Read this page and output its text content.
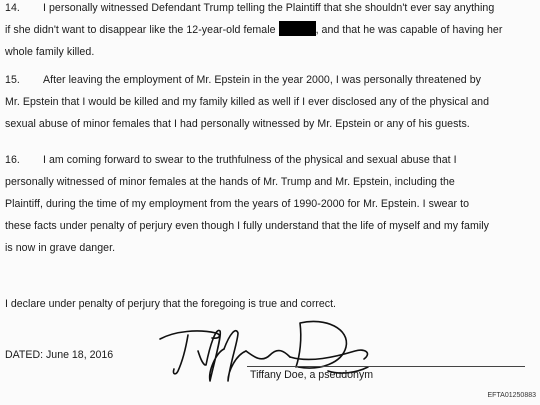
14. I personally witnessed Defendant Trump telling the Plaintiff that she shouldn't ever say anything
if she didn't want to disappear like the 12-year-old female	, and that he was capable of having her
whole family killed.
15. After leaving the employment of Mr. Epstein in the year 2000, I was personally threatened by
Mr. Epstein that I would be killed and my family killed as well if I ever disclosed any of the physical and
sexual abuse of minor females that I had personally witnessed by Mr. Epstein or any of his guests.
16. I am coming forward to swear to the truthfulness of the physical and sexual abuse that I
personally witnessed of minor females at the hands of Mr. Trump and Mr. Epstein, including the
Plaintiff, during the time of my employment from the years of 1990-2000 for Mr. Epstein. I swear to
these facts under penalty of perjury even though I fully understand that the life of myself and my family
is now in grave danger.
I declare under penalty of perjury that the foregoing is true and correct.
DATED: June 18, 2016
Tiffany Doe, a pseudonym
EFTA01250883
